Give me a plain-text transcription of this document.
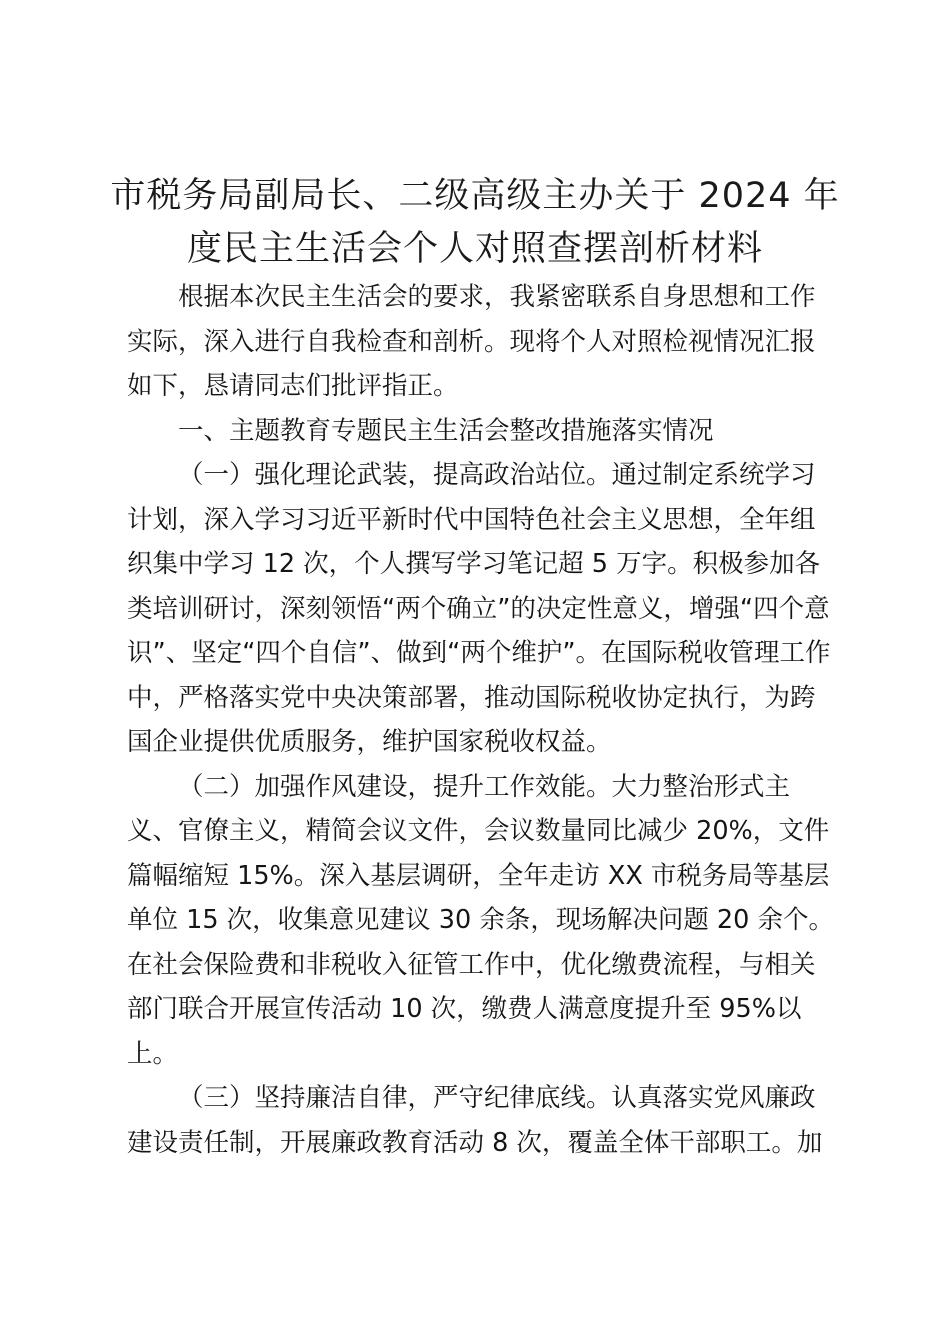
市税务局副局长、二级高级主办关于 2024 年
度民主生活会个人对照查摆剖析材料
根据本次民主生活会的要求，我紧密联系自身思想和工作
实际，深入进行自我检查和剖析。现将个人对照检视情况汇报
如下，恳请同志们批评指正。
一、主题教育专题民主生活会整改措施落实情况
（一）强化理论武装，提高政治站位。通过制定系统学习
计划，深入学习习近平新时代中国特色社会主义思想，全年组
织集中学习 12 次，个人撰写学习笔记超 5 万字。积极参加各
类培训研讨，深刻领悟“两个确立”的决定性意义，增强“四个意
识”、坚定“四个自信”、做到“两个维护”。在国际税收管理工作
中，严格落实党中央决策部署，推动国际税收协定执行，为跨
国企业提供优质服务，维护国家税收权益。
（二）加强作风建设，提升工作效能。大力整治形式主
义、官僚主义，精简会议文件，会议数量同比减少 20%，文件
篇幅缩短 15%。深入基层调研，全年走访 XX 市税务局等基层
单位 15 次，收集意见建议 30 余条，现场解决问题 20 余个。
在社会保险费和非税收入征管工作中，优化缴费流程，与相关
部门联合开展宣传活动 10 次，缴费人满意度提升至 95%以
上。
（三）坚持廉洁自律，严守纪律底线。认真落实党风廉政
建设责任制，开展廉政教育活动 8 次，覆盖全体干部职工。加
